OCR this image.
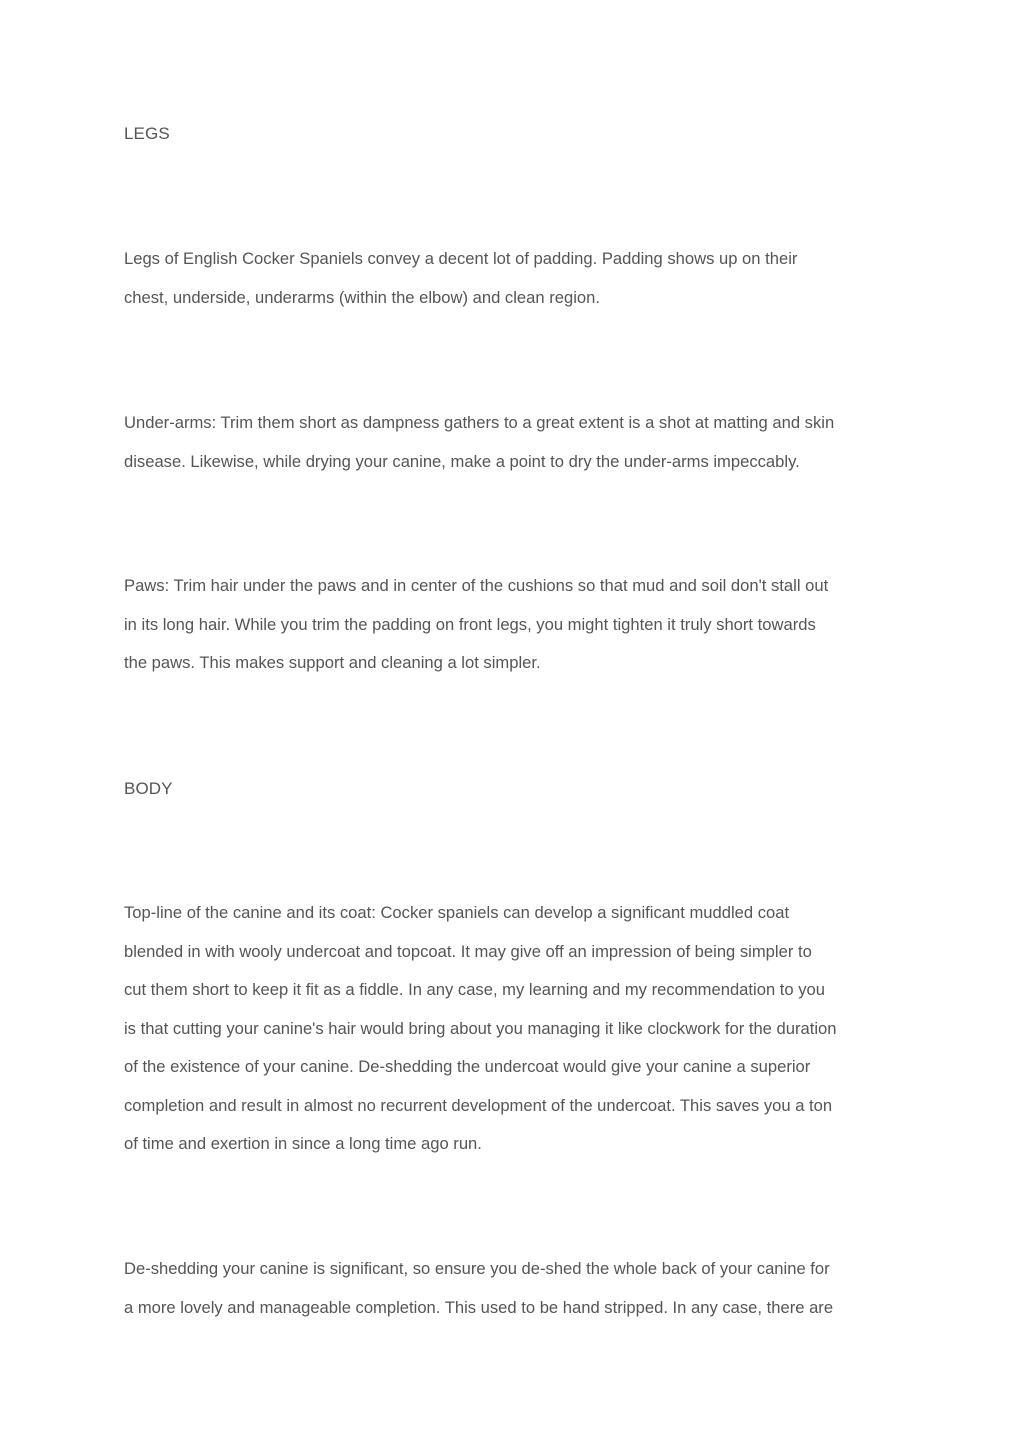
LEGS

Legs of English Cocker Spaniels convey a decent lot of padding. Padding shows up on their
chest, underside, underarms (within the elbow) and clean region.

Under-arms: Trim them short as dampness gathers to a great extent is a shot at matting and skin
disease. Likewise, while drying your canine, make a point to dry the under-arms impeccably.

Paws: Trim hair under the paws and in center of the cushions so that mud and soil don't stall out
in its long hair. While you trim the padding on front legs, you might tighten it truly short towards
the paws. This makes support and cleaning a lot simpler.

BODY

Top-line of the canine and its coat: Cocker spaniels can develop a significant muddled coat
blended in with wooly undercoat and topcoat. It may give off an impression of being simpler to
cut them short to keep it fit as a fiddle. In any case, my learning and my recommendation to you
is that cutting your canine's hair would bring about you managing it like clockwork for the duration
of the existence of your canine. De-shedding the undercoat would give your canine a superior
completion and result in almost no recurrent development of the undercoat. This saves you a ton
of time and exertion in since a long time ago run.

De-shedding your canine is significant, so ensure you de-shed the whole back of your canine for
a more lovely and manageable completion. This used to be hand stripped. In any case, there are
